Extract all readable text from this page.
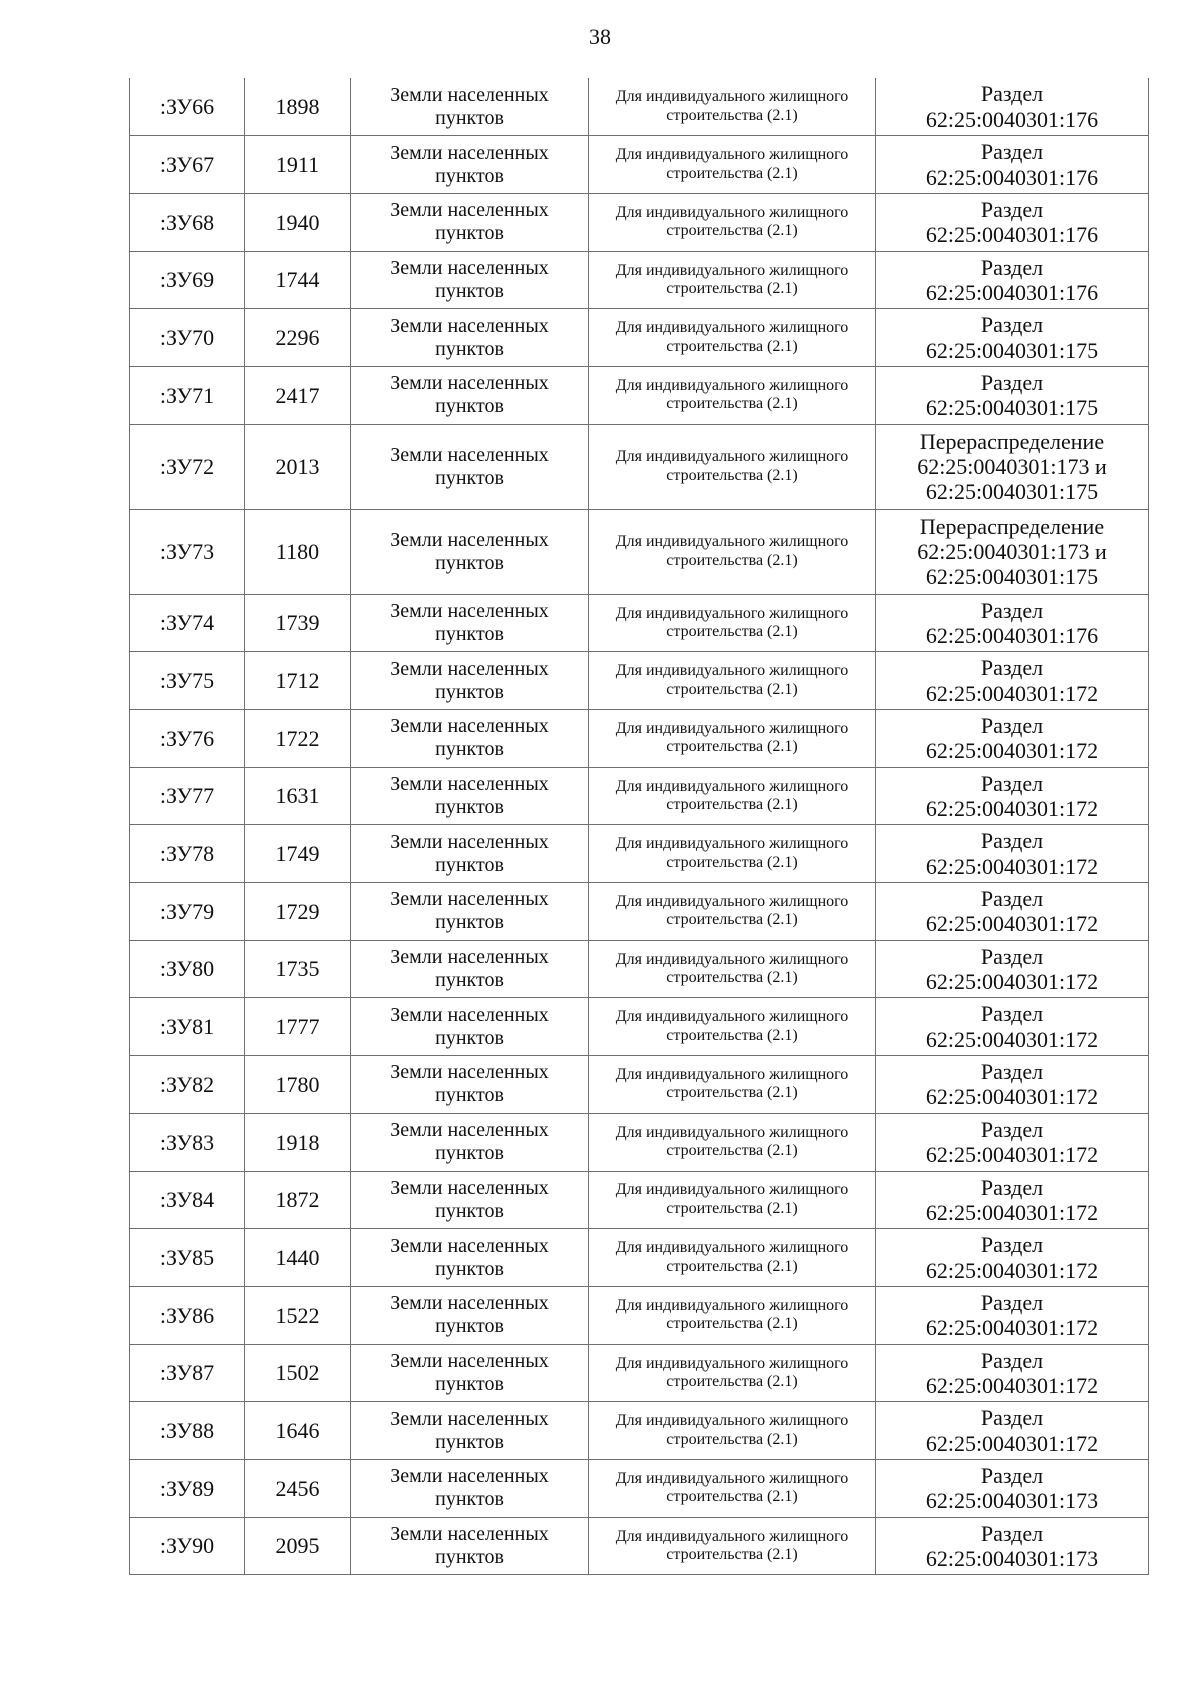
38
:ЗУ66	1898	Земли населенных пунктов	Для индивидуального жилищного строительства (2.1)	Раздел
62:25:0040301:176

:ЗУ67	1911	Земли населенных пунктов	Для индивидуального жилищного строительства (2.1)	Раздел
62:25:0040301:176

:ЗУ68	1940	Земли населенных пунктов	Для индивидуального жилищного строительства (2.1)	Раздел
62:25:0040301:176

:ЗУ69	1744	Земли населенных пунктов	Для индивидуального жилищного строительства (2.1)	Раздел
62:25:0040301:176

:ЗУ70	2296	Земли населенных пунктов	Для индивидуального жилищного строительства (2.1)	Раздел
62:25:0040301:175

:ЗУ71	2417	Земли населенных пунктов	Для индивидуального жилищного строительства (2.1)	Раздел
62:25:0040301:175

:ЗУ72	2013	Земли населенных пунктов	Для индивидуального жилищного строительства (2.1)	Перераспределение
62:25:0040301:173 и
62:25:0040301:175

:ЗУ73	1180	Земли населенных пунктов	Для индивидуального жилищного строительства (2.1)	Перераспределение
62:25:0040301:173 и
62:25:0040301:175

:ЗУ74	1739	Земли населенных пунктов	Для индивидуального жилищного строительства (2.1)	Раздел
62:25:0040301:176

:ЗУ75	1712	Земли населенных пунктов	Для индивидуального жилищного строительства (2.1)	Раздел
62:25:0040301:172

:ЗУ76	1722	Земли населенных пунктов	Для индивидуального жилищного строительства (2.1)	Раздел
62:25:0040301:172

:ЗУ77	1631	Земли населенных пунктов	Для индивидуального жилищного строительства (2.1)	Раздел
62:25:0040301:172

:ЗУ78	1749	Земли населенных пунктов	Для индивидуального жилищного строительства (2.1)	Раздел
62:25:0040301:172

:ЗУ79	1729	Земли населенных пунктов	Для индивидуального жилищного строительства (2.1)	Раздел
62:25:0040301:172

:ЗУ80	1735	Земли населенных пунктов	Для индивидуального жилищного строительства (2.1)	Раздел
62:25:0040301:172

:ЗУ81	1777	Земли населенных пунктов	Для индивидуального жилищного строительства (2.1)	Раздел
62:25:0040301:172

:ЗУ82	1780	Земли населенных пунктов	Для индивидуального жилищного строительства (2.1)	Раздел
62:25:0040301:172

:ЗУ83	1918	Земли населенных пунктов	Для индивидуального жилищного строительства (2.1)	Раздел
62:25:0040301:172

:ЗУ84	1872	Земли населенных пунктов	Для индивидуального жилищного строительства (2.1)	Раздел
62:25:0040301:172

:ЗУ85	1440	Земли населенных пунктов	Для индивидуального жилищного строительства (2.1)	Раздел
62:25:0040301:172

:ЗУ86	1522	Земли населенных пунктов	Для индивидуального жилищного строительства (2.1)	Раздел
62:25:0040301:172

:ЗУ87	1502	Земли населенных пунктов	Для индивидуального жилищного строительства (2.1)	Раздел
62:25:0040301:172

:ЗУ88	1646	Земли населенных пунктов	Для индивидуального жилищного строительства (2.1)	Раздел
62:25:0040301:172

:ЗУ89	2456	Земли населенных пунктов	Для индивидуального жилищного строительства (2.1)	Раздел
62:25:0040301:173

:ЗУ90	2095	Земли населенных пунктов	Для индивидуального жилищного строительства (2.1)	Раздел
62:25:0040301:173
